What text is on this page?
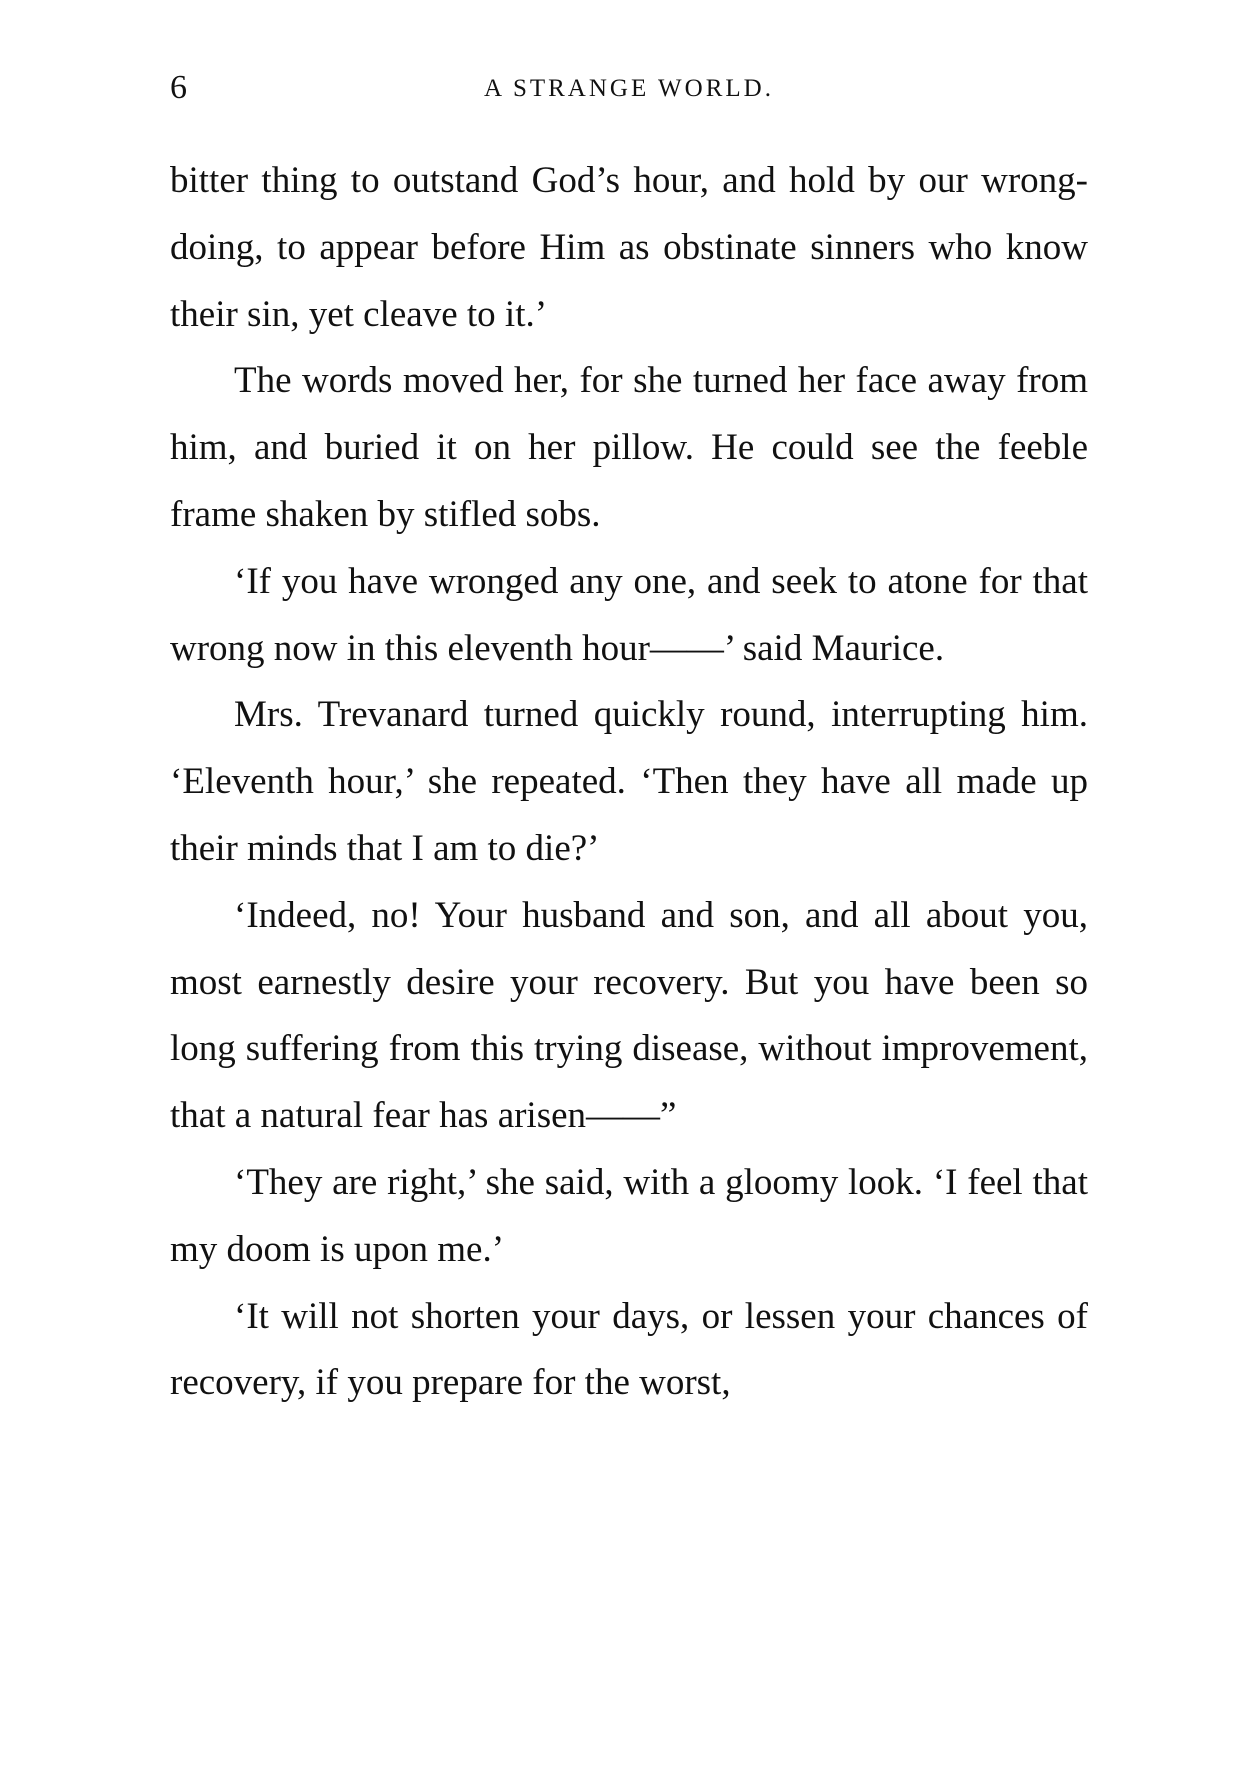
6	A STRANGE WORLD.

bitter thing to outstand God’s hour, and hold by our wrong-doing, to appear before Him as obstinate sinners who know their sin, yet cleave to it.’

The words moved her, for she turned her face away from him, and buried it on her pillow. He could see the feeble frame shaken by stifled sobs.

‘If you have wronged any one, and seek to atone for that wrong now in this eleventh hour——’ said Maurice.

Mrs. Trevanard turned quickly round, interrupting him. ‘Eleventh hour,’ she repeated. ‘Then they have all made up their minds that I am to die?’

‘Indeed, no! Your husband and son, and all about you, most earnestly desire your recovery. But you have been so long suffering from this trying disease, without improvement, that a natural fear has arisen——”

‘They are right,’ she said, with a gloomy look. ‘I feel that my doom is upon me.’

‘It will not shorten your days, or lessen your chances of recovery, if you prepare for the worst,
